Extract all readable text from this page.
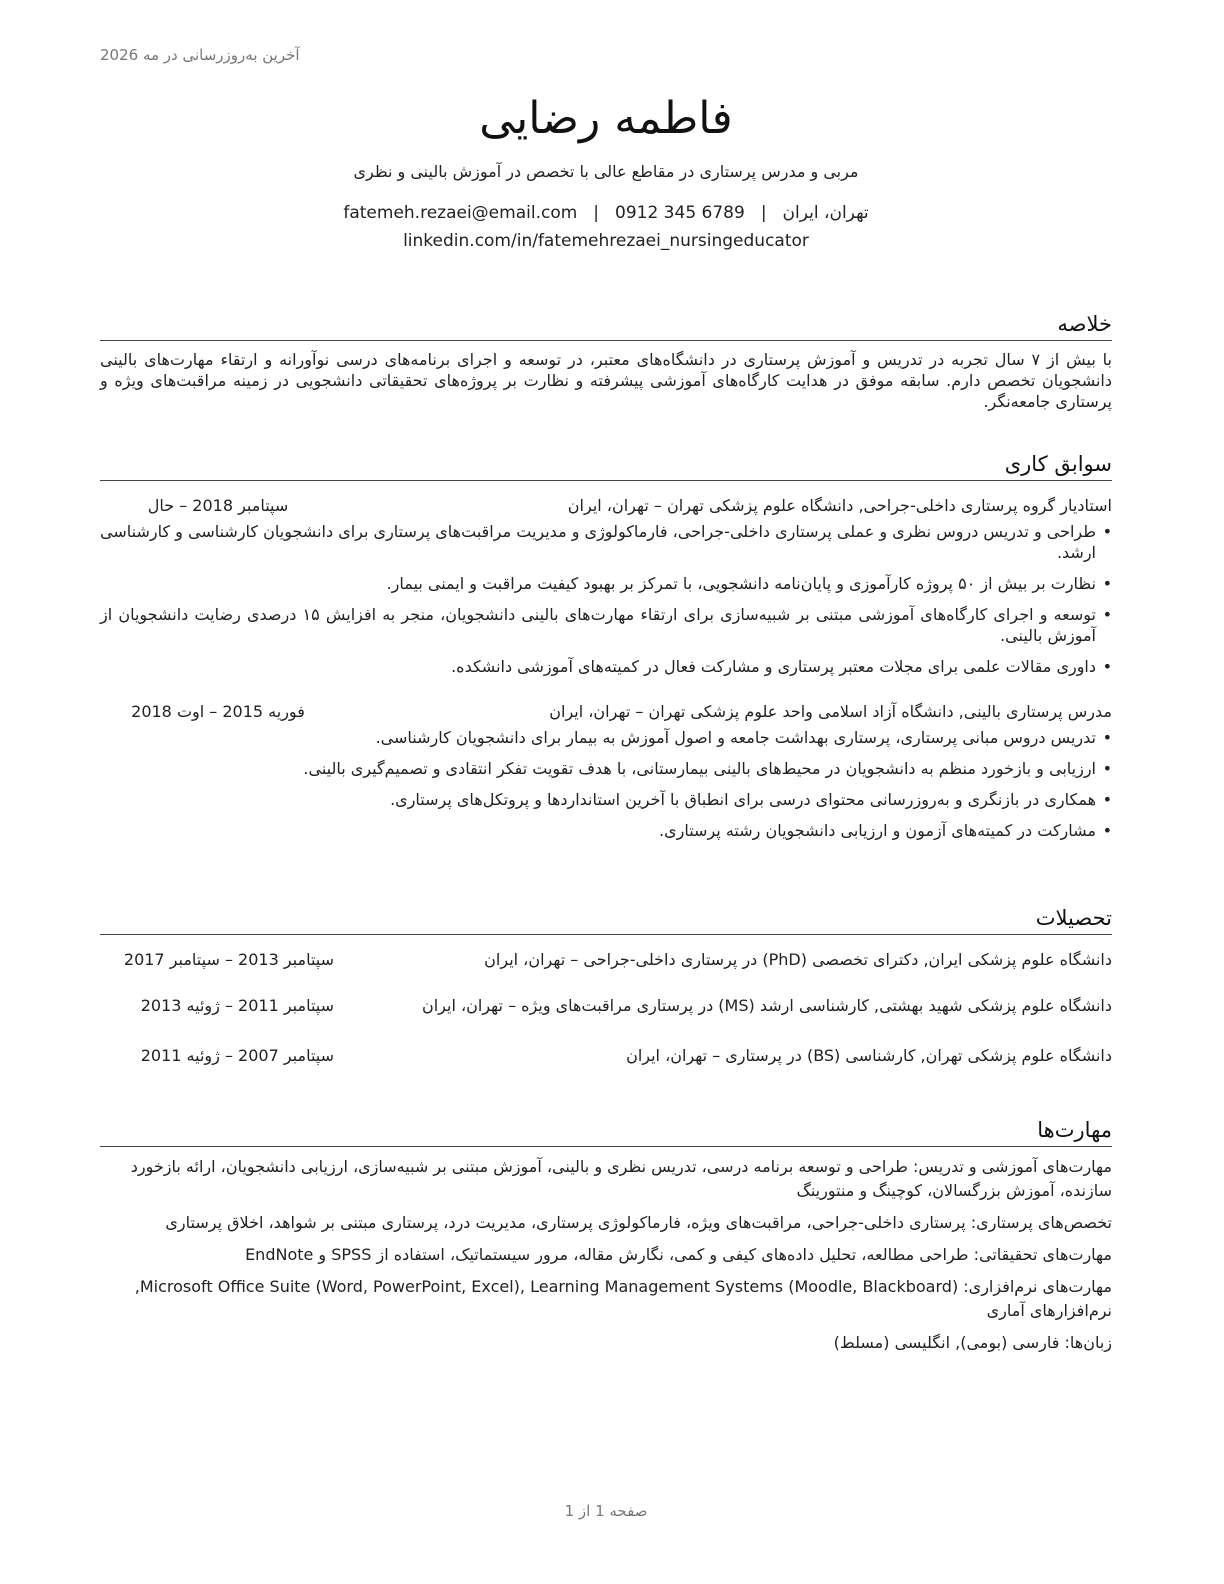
آخرین به‌روزرسانی در مه 2026
فاطمه رضایی
مربی و مدرس پرستاری در مقاطع عالی با تخصص در آموزش بالینی و نظری
تهران، ایران|fatemeh.rezaei@email.com | 0912 345 6789
linkedin.com/in/fatemehrezaei_nursingeducator
خلاصه
با بیش از ۷ سال تجربه در تدریس و آموزش پرستاری در دانشگاه‌های معتبر، در توسعه و اجرای برنامه‌های درسی نوآورانه و ارتقاء مهارت‌های بالینی دانشجویان تخصص دارم. سابقه موفق در هدایت کارگاه‌های آموزشی پیشرفته و نظارت بر پروژه‌های تحقیقاتی دانشجویی در زمینه مراقبت‌های ویژه و پرستاری جامعه‌نگر.
سوابق کاری
استادیار گروه پرستاری داخلی-جراحی, دانشگاه علوم پزشکی تهران – تهران، ایران
سپتامبر 2018 – حال
• طراحی و تدریس دروس نظری و عملی پرستاری داخلی-جراحی، فارماکولوژی و مدیریت مراقبت‌های پرستاری برای دانشجویان کارشناسی و کارشناسی ارشد.
• نظارت بر بیش از ۵۰ پروژه کارآموزی و پایان‌نامه دانشجویی، با تمرکز بر بهبود کیفیت مراقبت و ایمنی بیمار.
• توسعه و اجرای کارگاه‌های آموزشی مبتنی بر شبیه‌سازی برای ارتقاء مهارت‌های بالینی دانشجویان، منجر به افزایش ۱۵ درصدی رضایت دانشجویان از آموزش بالینی.
• داوری مقالات علمی برای مجلات معتبر پرستاری و مشارکت فعال در کمیته‌های آموزشی دانشکده.
مدرس پرستاری بالینی, دانشگاه آزاد اسلامی واحد علوم پزشکی تهران – تهران، ایران
فوریه 2015 – اوت 2018
• تدریس دروس مبانی پرستاری، پرستاری بهداشت جامعه و اصول آموزش به بیمار برای دانشجویان کارشناسی.
• ارزیابی و بازخورد منظم به دانشجویان در محیط‌های بالینی بیمارستانی، با هدف تقویت تفکر انتقادی و تصمیم‌گیری بالینی.
• همکاری در بازنگری و به‌روزرسانی محتوای درسی برای انطباق با آخرین استانداردها و پروتکل‌های پرستاری.
• مشارکت در کمیته‌های آزمون و ارزیابی دانشجویان رشته پرستاری.
تحصیلات
دانشگاه علوم پزشکی ایران, دکترای تخصصی (PhD) در پرستاری داخلی-جراحی – تهران، ایران
سپتامبر 2013 – سپتامبر 2017
دانشگاه علوم پزشکی شهید بهشتی, کارشناسی ارشد (MS) در پرستاری مراقبت‌های ویژه – تهران، ایران
سپتامبر 2011 – ژوئیه 2013
دانشگاه علوم پزشکی تهران, کارشناسی (BS) در پرستاری – تهران، ایران
سپتامبر 2007 – ژوئیه 2011
مهارت‌ها
مهارت‌های آموزشی و تدریس: طراحی و توسعه برنامه درسی، تدریس نظری و بالینی، آموزش مبتنی بر شبیه‌سازی، ارزیابی دانشجویان، ارائه بازخورد سازنده، آموزش بزرگسالان، کوچینگ و منتورینگ
تخصص‌های پرستاری: پرستاری داخلی-جراحی، مراقبت‌های ویژه، فارماکولوژی پرستاری، مدیریت درد، پرستاری مبتنی بر شواهد، اخلاق پرستاری
مهارت‌های تحقیقاتی: طراحی مطالعه، تحلیل داده‌های کیفی و کمی، نگارش مقاله، مرور سیستماتیک، استفاده از SPSS و EndNote
مهارت‌های نرم‌افزاری: Microsoft Office Suite (Word, PowerPoint, Excel), Learning Management Systems (Moodle, Blackboard), نرم‌افزارهای آماری
زبان‌ها: فارسی (بومی), انگلیسی (مسلط)
صفحه 1 از 1
